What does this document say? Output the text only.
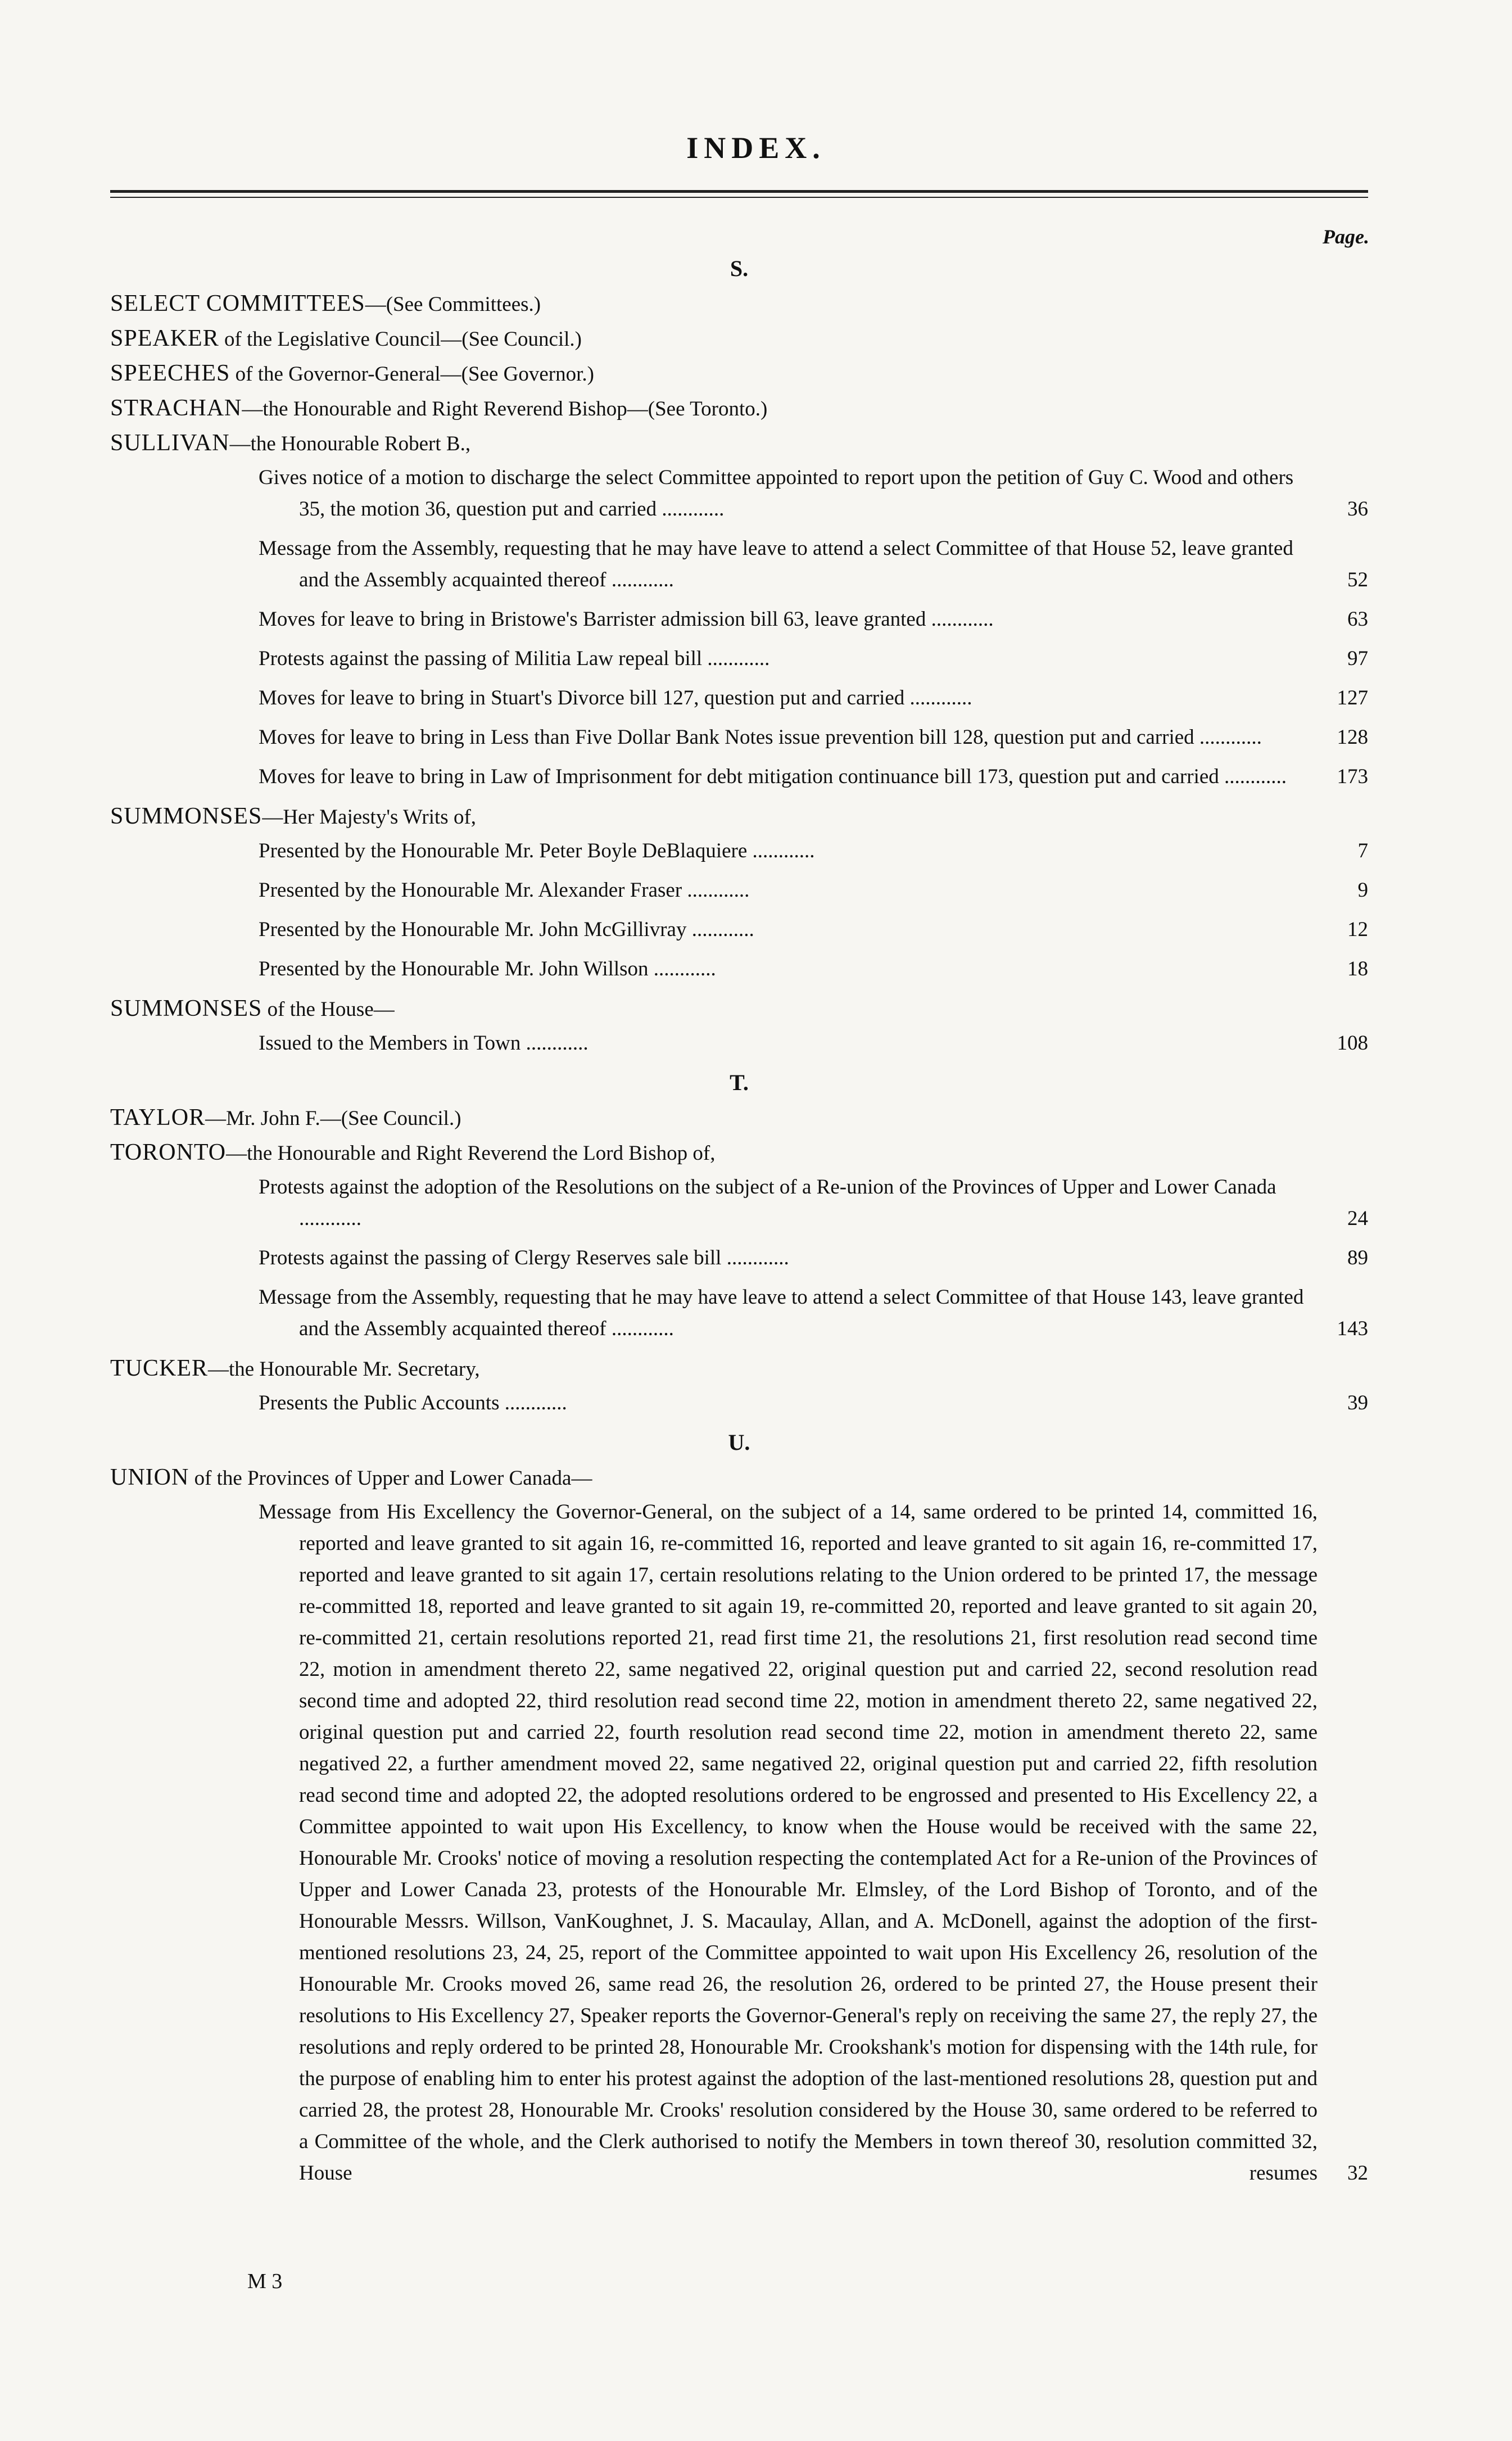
INDEX.
Page.
S.
SELECT COMMITTEES—(See Committees.)
SPEAKER of the Legislative Council—(See Council.)
SPEECHES of the Governor-General—(See Governor.)
STRACHAN—the Honourable and Right Reverend Bishop—(See Toronto.)
SULLIVAN—the Honourable Robert B.,
Gives notice of a motion to discharge the select Committee appointed to report upon the petition of Guy C. Wood and others 35, the motion 36, question put and carried ............	36
Message from the Assembly, requesting that he may have leave to attend a select Committee of that House 52, leave granted and the Assembly acquainted thereof ............	52
Moves for leave to bring in Bristowe's Barrister admission bill 63, leave granted ............	63
Protests against the passing of Militia Law repeal bill ............	97
Moves for leave to bring in Stuart's Divorce bill 127, question put and carried ............	127
Moves for leave to bring in Less than Five Dollar Bank Notes issue prevention bill 128, question put and carried ............	128
Moves for leave to bring in Law of Imprisonment for debt mitigation continuance bill 173, question put and carried ............	173
SUMMONSES—Her Majesty's Writs of,
Presented by the Honourable Mr. Peter Boyle DeBlaquiere ............	7
Presented by the Honourable Mr. Alexander Fraser ............	9
Presented by the Honourable Mr. John McGillivray ............	12
Presented by the Honourable Mr. John Willson ............	18
SUMMONSES of the House—
Issued to the Members in Town ............	108
T.
TAYLOR—Mr. John F.—(See Council.)
TORONTO—the Honourable and Right Reverend the Lord Bishop of,
Protests against the adoption of the Resolutions on the subject of a Re-union of the Provinces of Upper and Lower Canada ............	24
Protests against the passing of Clergy Reserves sale bill ............	89
Message from the Assembly, requesting that he may have leave to attend a select Committee of that House 143, leave granted and the Assembly acquainted thereof ............	143
TUCKER—the Honourable Mr. Secretary,
Presents the Public Accounts ............	39
U.
UNION of the Provinces of Upper and Lower Canada—
Message from His Excellency the Governor-General, on the subject of a 14, same ordered to be printed 14, committed 16, reported and leave granted to sit again 16, re-committed 16, reported and leave granted to sit again 16, re-committed 17, reported and leave granted to sit again 17, certain resolutions relating to the Union ordered to be printed 17, the message re-committed 18, reported and leave granted to sit again 19, re-committed 20, reported and leave granted to sit again 20, re-committed 21, certain resolutions reported 21, read first time 21, the resolutions 21, first resolution read second time 22, motion in amendment thereto 22, same negatived 22, original question put and carried 22, second resolution read second time and adopted 22, third resolution read second time 22, motion in amendment thereto 22, same negatived 22, original question put and carried 22, fourth resolution read second time 22, motion in amendment thereto 22, same negatived 22, a further amendment moved 22, same negatived 22, original question put and carried 22, fifth resolution read second time and adopted 22, the adopted resolutions ordered to be engrossed and presented to His Excellency 22, a Committee appointed to wait upon His Excellency, to know when the House would be received with the same 22, Honourable Mr. Crooks' notice of moving a resolution respecting the contemplated Act for a Re-union of the Provinces of Upper and Lower Canada 23, protests of the Honourable Mr. Elmsley, of the Lord Bishop of Toronto, and of the Honourable Messrs. Willson, VanKoughnet, J. S. Macaulay, Allan, and A. McDonell, against the adoption of the first-mentioned resolutions 23, 24, 25, report of the Committee appointed to wait upon His Excellency 26, resolution of the Honourable Mr. Crooks moved 26, same read 26, the resolution 26, ordered to be printed 27, the House present their resolutions to His Excellency 27, Speaker reports the Governor-General's reply on receiving the same 27, the reply 27, the resolutions and reply ordered to be printed 28, Honourable Mr. Crookshank's motion for dispensing with the 14th rule, for the purpose of enabling him to enter his protest against the adoption of the last-mentioned resolutions 28, question put and carried 28, the protest 28, Honourable Mr. Crooks' resolution considered by the House 30, same ordered to be referred to a Committee of the whole, and the Clerk authorised to notify the Members in town thereof 30, resolution committed 32, House resumes	32
M 3
